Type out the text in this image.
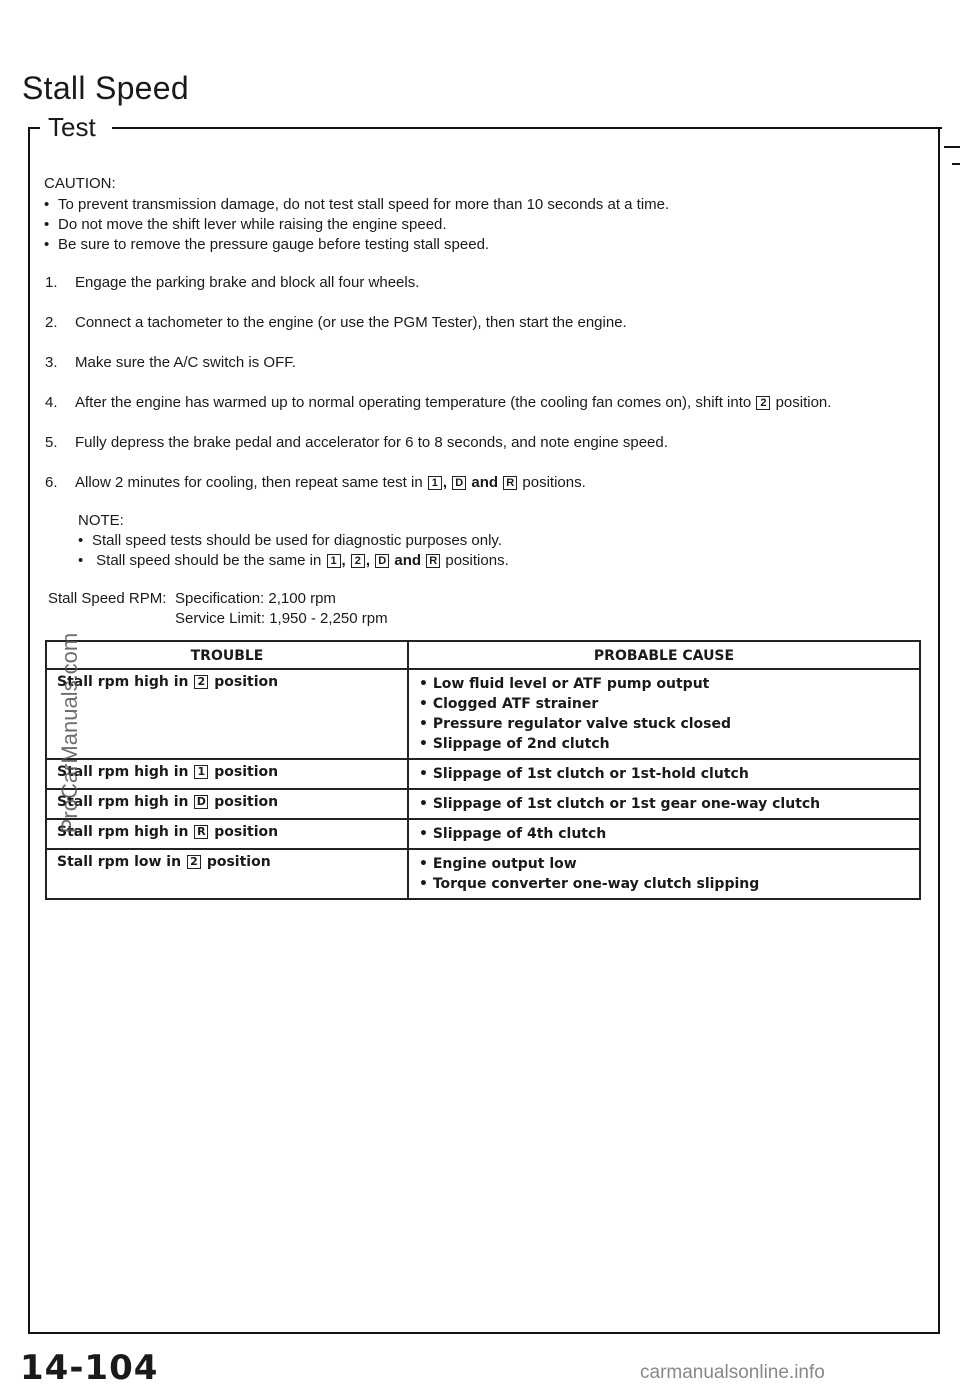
Stall Speed
Test
CAUTION:
• To prevent transmission damage, do not test stall speed for more than 10 seconds at a time.
• Do not move the shift lever while raising the engine speed.
• Be sure to remove the pressure gauge before testing stall speed.
1. Engage the parking brake and block all four wheels.
2. Connect a tachometer to the engine (or use the PGM Tester), then start the engine.
3. Make sure the A/C switch is OFF.
4. After the engine has warmed up to normal operating temperature (the cooling fan comes on), shift into 2 position.
5. Fully depress the brake pedal and accelerator for 6 to 8 seconds, and note engine speed.
6. Allow 2 minutes for cooling, then repeat same test in 1 , D and R positions.
NOTE:
• Stall speed tests should be used for diagnostic purposes only.
• Stall speed should be the same in 1 , 2 , D and R positions.
Stall Speed RPM: Specification: 2,100 rpm
Service Limit: 1,950 - 2,250 rpm
TROUBLE	PROBABLE CAUSE
Stall rpm high in 2 position	• Low fluid level or ATF pump output
• Clogged ATF strainer
• Pressure regulator valve stuck closed
• Slippage of 2nd clutch

Stall rpm high in 1 position	• Slippage of 1st clutch or 1st-hold clutch

Stall rpm high in D position	• Slippage of 1st clutch or 1st gear one-way clutch

Stall rpm high in R position	• Slippage of 4th clutch

Stall rpm low in 2 position	• Engine output low
• Torque converter one-way clutch slipping
14-104
ProCarManuals.com
carmanualsonline.info
